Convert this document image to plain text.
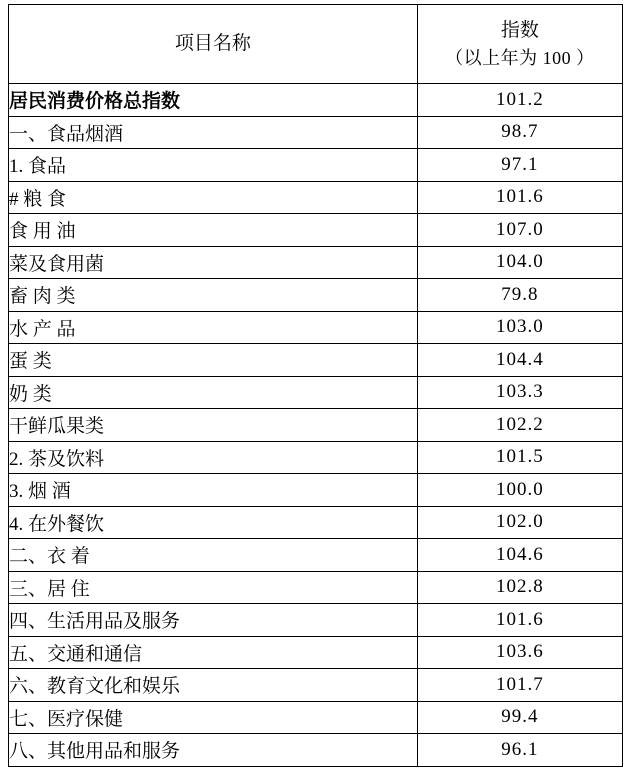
项目名称	指数
（以上年为 100 ）

居民消费价格总指数	101.2
一、食品烟酒	98.7
1. 食品	97.1
# 粮 食	101.6
食 用 油	107.0
菜及食用菌	104.0
畜 肉 类	79.8
水 产 品	103.0
蛋 类	104.4
奶 类	103.3
干鲜瓜果类	102.2
2. 茶及饮料	101.5
3. 烟 酒	100.0
4. 在外餐饮	102.0
二、衣 着	104.6
三、居 住	102.8
四、生活用品及服务	101.6
五、交通和通信	103.6
六、教育文化和娱乐	101.7
七、医疗保健	99.4
八、其他用品和服务	96.1
